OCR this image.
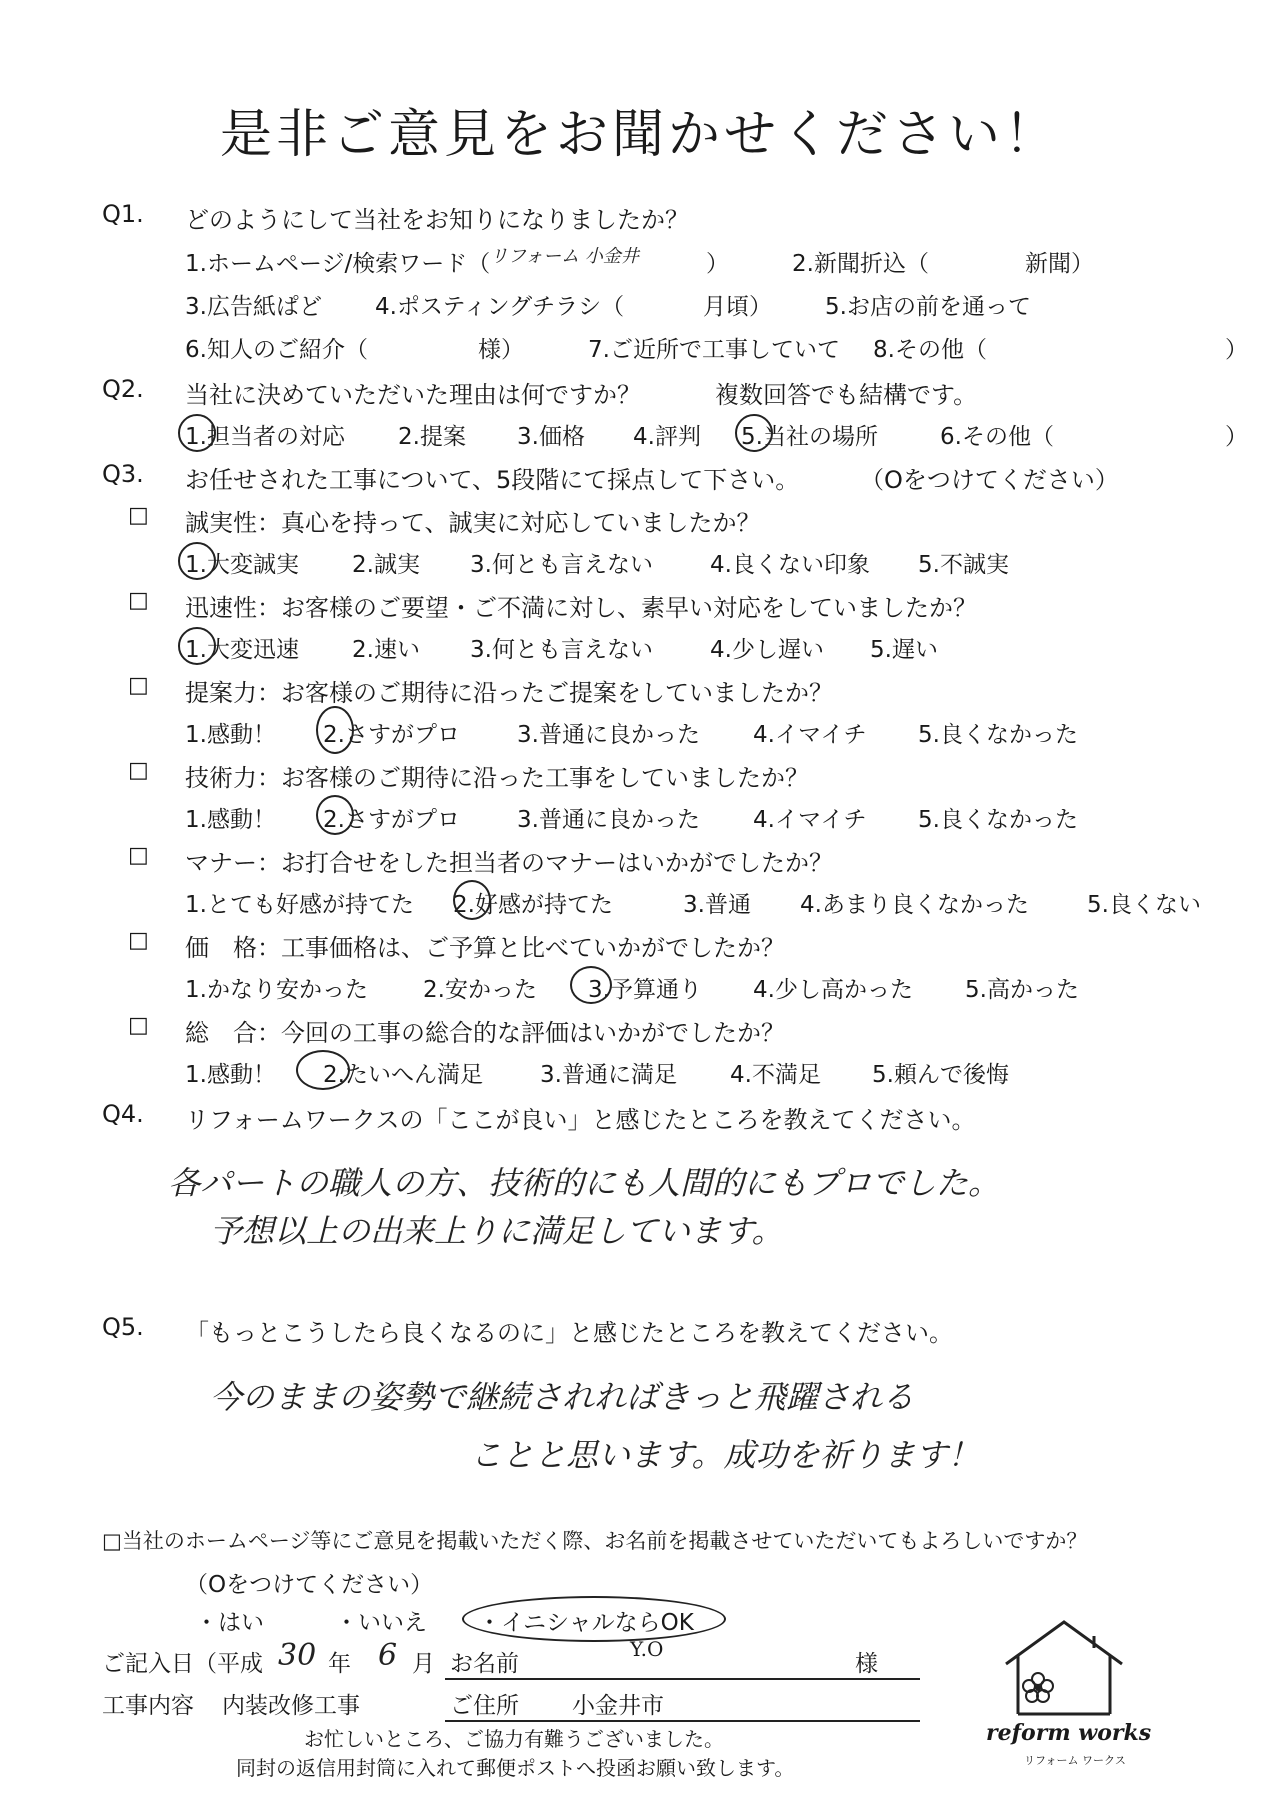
是非ご意見をお聞かせください！
Q1. どのようにして当社をお知りになりましたか？
1.ホームページ/検索ワード（ リフォーム 小金井	）	2.新聞折込（	新聞）
3.広告紙ぱど 4.ポスティングチラシ（	月頃） 5.お店の前を通って
6.知人のご紹介（	様）	7.ご近所で工事していて 8.その他（	）
Q2. 当社に決めていただいた理由は何ですか？	複数回答でも結構です。
1.担当者の対応 2.提案 3.価格 4.評判 5.当社の場所	6.その他（	）
Q3. お任せされた工事について、5段階にて採点して下さい。	（Oをつけてください）
□ 誠実性：真心を持って、誠実に対応していましたか？
1.大変誠実 2.誠実 3.何とも言えない 4.良くない印象 5.不誠実
□ 迅速性：お客様のご要望・ご不満に対し、素早い対応をしていましたか？
1.大変迅速 2.速い 3.何とも言えない 4.少し遅い 5.遅い
□ 提案力：お客様のご期待に沿ったご提案をしていましたか？
1.感動！ 2.さすがプロ 3.普通に良かった 4.イマイチ 5.良くなかった
□ 技術力：お客様のご期待に沿った工事をしていましたか？
1.感動！ 2.さすがプロ 3.普通に良かった 4.イマイチ 5.良くなかった
□ マナー：お打合せをした担当者のマナーはいかがでしたか？
1.とても好感が持てた 2.好感が持てた	3.普通 4.あまり良くなかった	5.良くない
□ 価　格：工事価格は、ご予算と比べていかがでしたか？
1.かなり安かった 2.安かった 3.予算通り 4.少し高かった 5.高かった
□ 総　合：今回の工事の総合的な評価はいかがでしたか？
1.感動！ 2.たいへん満足 3.普通に満足 4.不満足 5.頼んで後悔
Q4. リフォームワークスの「ここが良い」と感じたところを教えてください。
各パートの職人の方、技術的にも人間的にもプロでした。
予想以上の出来上りに満足しています。
Q5. 「もっとこうしたら良くなるのに」と感じたところを教えてください。
今のままの姿勢で継続されればきっと飛躍される
ことと思います。成功を祈ります！
□当社のホームページ等にご意見を掲載いただく際、お名前を掲載させていただいてもよろしいですか？
（Oをつけてください）
・はい	・いいえ ・イニシャルならOK
ご記入日（平成 30 年 6 月 お名前
Y.O
様
工事内容 内装改修工事	ご住所 小金井市
お忙しいところ、ご協力有難うございました。
同封の返信用封筒に入れて郵便ポストへ投函お願い致します。
reform works
リフォーム ワークス
